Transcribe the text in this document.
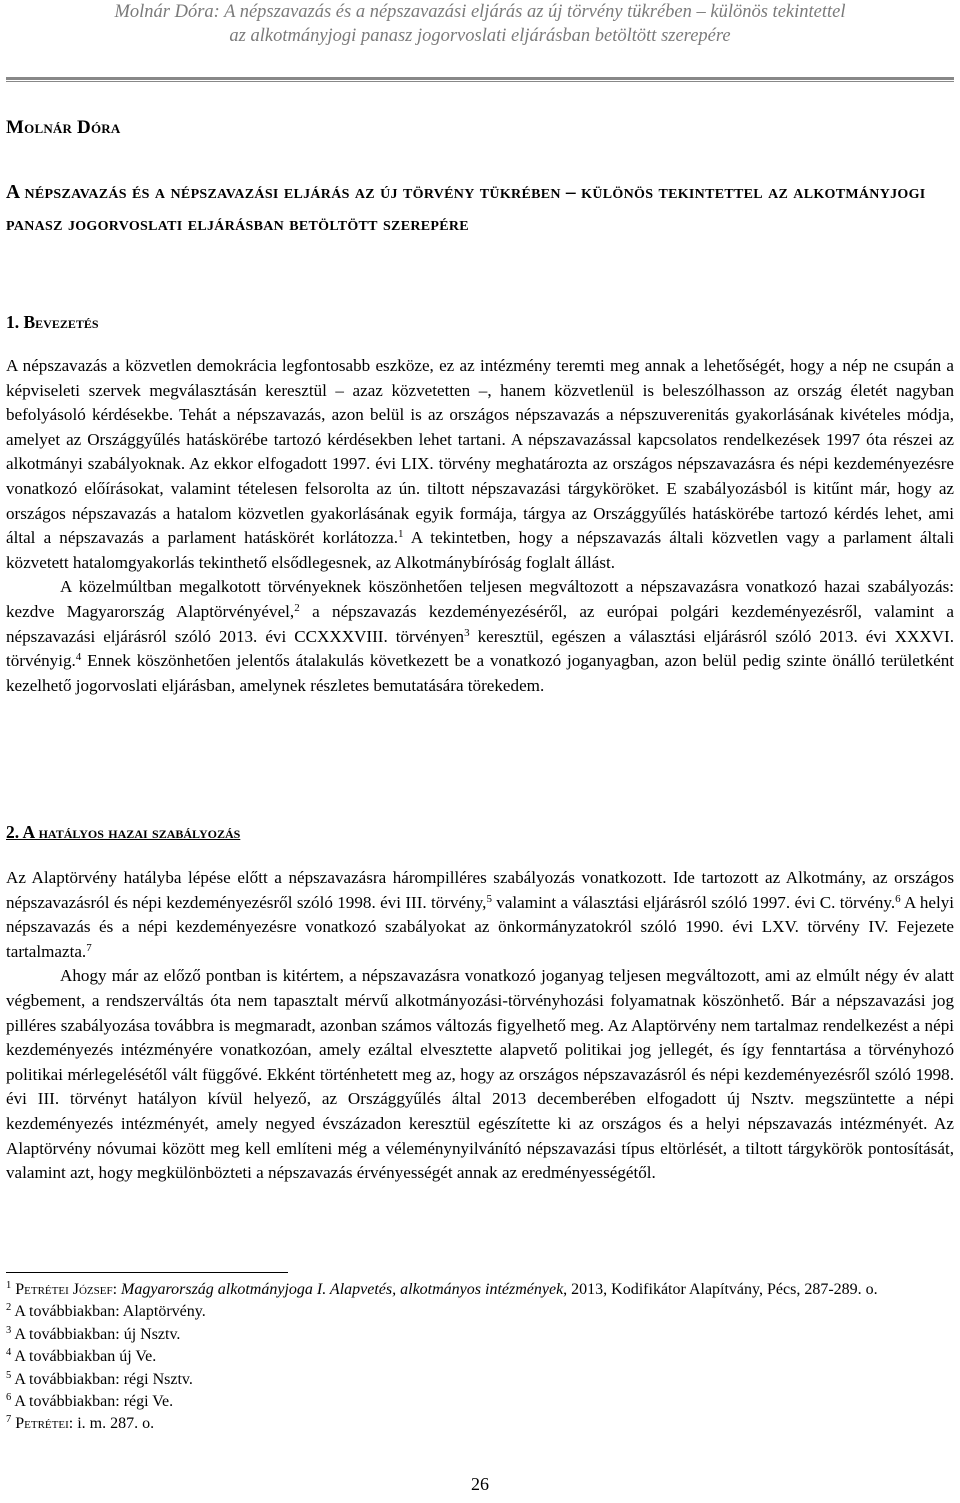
Molnár Dóra: A népszavazás és a népszavazási eljárás az új törvény tükrében – különös tekintettel
az alkotmányjogi panasz jogorvoslati eljárásban betöltött szerepére
Molnár Dóra
A népszavazás és a népszavazási eljárás az új törvény tükrében – különös tekintettel az alkotmányjogi panasz jogorvoslati eljárásban betöltött szerepére
1. Bevezetés

A népszavazás a közvetlen demokrácia legfontosabb eszköze, ez az intézmény teremti meg annak a lehetőségét, hogy a nép ne csupán a képviseleti szervek megválasztásán keresztül – azaz közvetetten –, hanem közvetlenül is beleszólhasson az ország életét nagyban befolyásoló kérdésekbe. Tehát a népszavazás, azon belül is az országos népszavazás a népszuverenitás gyakorlásának kivételes módja, amelyet az Országgyűlés hatáskörébe tartozó kérdésekben lehet tartani. A népszavazással kapcsolatos rendelkezések 1997 óta részei az alkotmányi szabályoknak. Az ekkor elfogadott 1997. évi LIX. törvény meghatározta az országos népszavazásra és népi kezdeményezésre vonatkozó előírásokat, valamint tételesen felsorolta az ún. tiltott népszavazási tárgyköröket. E szabályozásból is kitűnt már, hogy az országos népszavazás a hatalom közvetlen gyakorlásának egyik formája, tárgya az Országgyűlés hatáskörébe tartozó kérdés lehet, ami által a népszavazás a parlament hatáskörét korlátozza.$^1$ A tekintetben, hogy a népszavazás általi közvetlen vagy a parlament általi közvetett hatalomgyakorlás tekinthető elsődlegesnek, az Alkotmánybíróság foglalt állást.

A közelmúltban megalkotott törvényeknek köszönhetően teljesen megváltozott a népszavazásra vonatkozó hazai szabályozás: kezdve Magyarország Alaptörvényével,$^2$ a népszavazás kezdeményezéséről, az európai polgári kezdeményezésről, valamint a népszavazási eljárásról szóló 2013. évi CCXXXVIII. törvényen$^3$ keresztül, egészen a választási eljárásról szóló 2013. évi XXXVI. törvényig.$^4$ Ennek köszönhetően jelentős átalakulás következett be a vonatkozó joganyagban, azon belül pedig szinte önálló területként kezelhető jogorvoslati eljárásban, amelynek részletes bemutatására törekedem.

2. A hatályos hazai szabályozás

Az Alaptörvény hatályba lépése előtt a népszavazásra hárompilléres szabályozás vonatkozott. Ide tartozott az Alkotmány, az országos népszavazásról és népi kezdeményezésről szóló 1998. évi III. törvény,$^5$ valamint a választási eljárásról szóló 1997. évi C. törvény.$^6$ A helyi népszavazás és a népi kezdeményezésre vonatkozó szabályokat az önkormányzatokról szóló 1990. évi LXV. törvény IV. Fejezete tartalmazta.$^7$

Ahogy már az előző pontban is kitértem, a népszavazásra vonatkozó joganyag teljesen megváltozott, ami az elmúlt négy év alatt végbement, a rendszerváltás óta nem tapasztalt mérvű alkotmányozási-törvényhozási folyamatnak köszönhető. Bár a népszavazási jog pilléres szabályozása továbbra is megmaradt, azonban számos változás figyelhető meg. Az Alaptörvény nem tartalmaz rendelkezést a népi kezdeményezés intézményére vonatkozóan, amely ezáltal elvesztette alapvető politikai jog jellegét, és így fenntartása a törvényhozó politikai mérlegelésétől vált függővé. Ekként történhetett meg az, hogy az országos népszavazásról és népi kezdeményezésről szóló 1998. évi III. törvényt hatályon kívül helyező, az Országgyűlés által 2013 decemberében elfogadott új Nsztv. megszüntette a népi kezdeményezés intézményét, amely negyed évszázadon keresztül egészítette ki az országos és a helyi népszavazás intézményét. Az Alaptörvény nóvumai között meg kell említeni még a véleménynyilvánító népszavazási típus eltörlését, a tiltott tárgykörök pontosítását, valamint azt, hogy megkülönbözteti a népszavazás érvényességét annak az eredményességétől.

$^1$ Petrétei József: Magyarország alkotmányjoga I. Alapvetés, alkotmányos intézmények, 2013, Kodifikátor Alapítvány, Pécs, 287-289. o.
$^2$ A továbbiakban: Alaptörvény.
$^3$ A továbbiakban: új Nsztv.
$^4$ A továbbiakban új Ve.
$^5$ A továbbiakban: régi Nsztv.
$^6$ A továbbiakban: régi Ve.
$^7$ Petrétei: i. m. 287. o.
26
